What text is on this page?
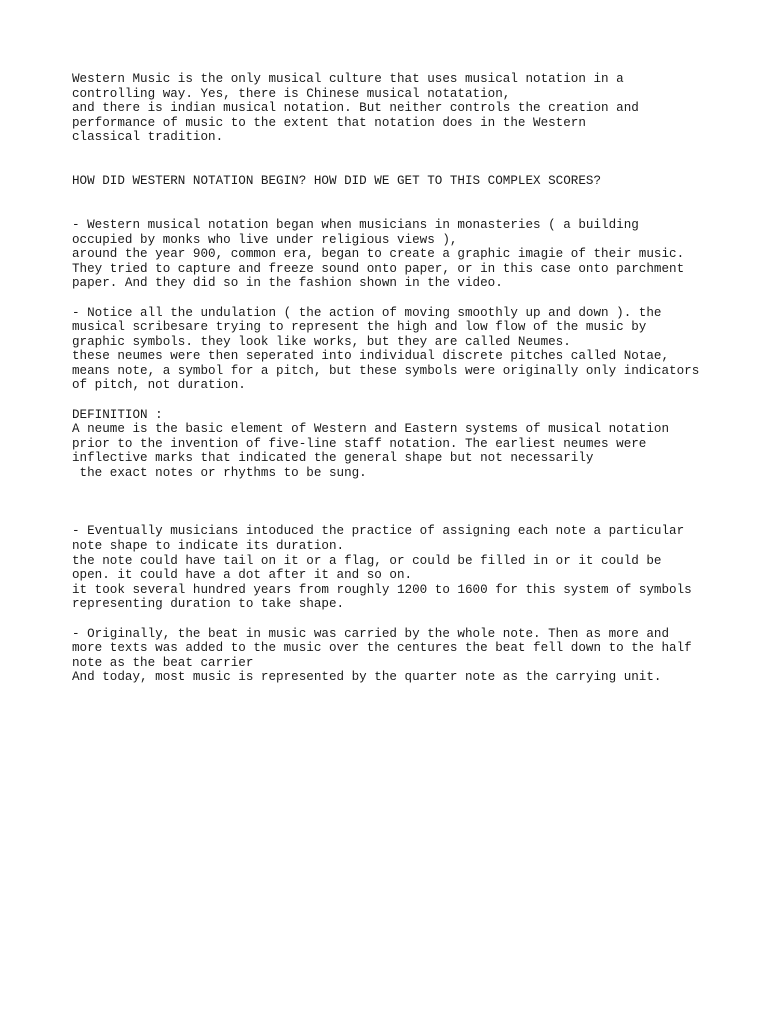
Western Music is the only musical culture that uses musical notation in a
controlling way. Yes, there is Chinese musical notatation,
and there is indian musical notation. But neither controls the creation and
performance of music to the extent that notation does in the Western
classical tradition.
HOW DID WESTERN NOTATION BEGIN? HOW DID WE GET TO THIS COMPLEX SCORES?
- Western musical notation began when musicians in monasteries ( a building
occupied by monks who live under religious views ),
around the year 900, common era, began to create a graphic imagie of their music.
They tried to capture and freeze sound onto paper, or in this case onto parchment
paper. And they did so in the fashion shown in the video.
- Notice all the undulation ( the action of moving smoothly up and down ). the
musical scribesare trying to represent the high and low flow of the music by
graphic symbols. they look like works, but they are called Neumes.
these neumes were then seperated into individual discrete pitches called Notae,
means note, a symbol for a pitch, but these symbols were originally only indicators
of pitch, not duration.
DEFINITION :
A neume is the basic element of Western and Eastern systems of musical notation
prior to the invention of five-line staff notation. The earliest neumes were
inflective marks that indicated the general shape but not necessarily
the exact notes or rhythms to be sung.
- Eventually musicians intoduced the practice of assigning each note a particular
note shape to indicate its duration.
the note could have tail on it or a flag, or could be filled in or it could be
open. it could have a dot after it and so on.
it took several hundred years from roughly 1200 to 1600 for this system of symbols
representing duration to take shape.
- Originally, the beat in music was carried by the whole note. Then as more and
more texts was added to the music over the centures the beat fell down to the half
note as the beat carrier
And today, most music is represented by the quarter note as the carrying unit.
